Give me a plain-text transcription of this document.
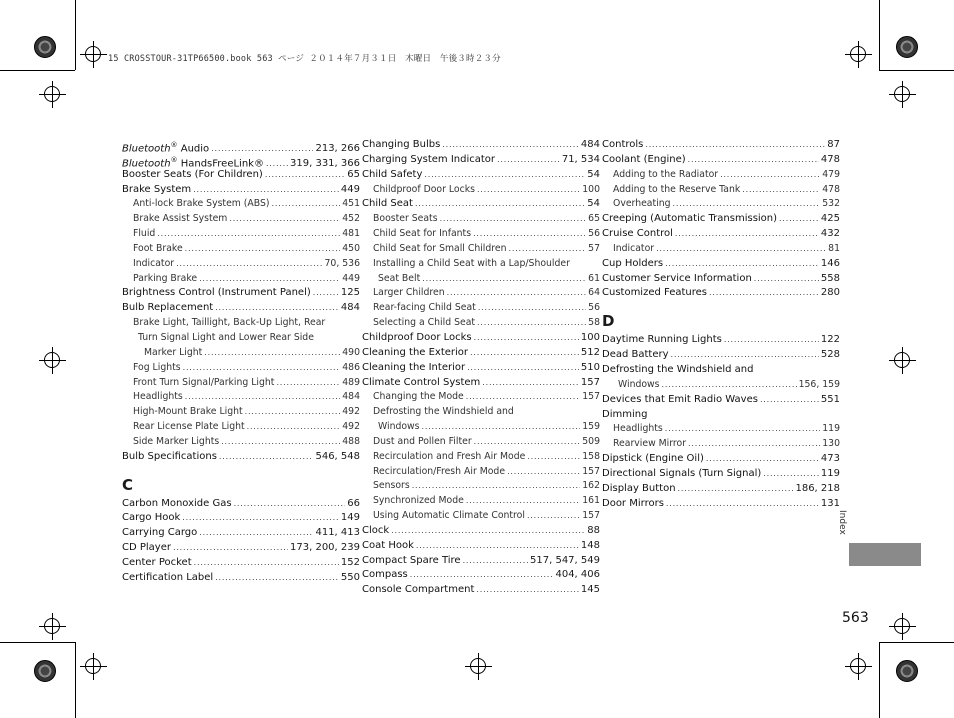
15 CROSSTOUR-31TP66500.book 563 ページ ２０１４年７月３１日　木曜日　午後３時２３分
Bluetooth® Audio .....	213, 266
Bluetooth® HandsFreeLink® .....	319, 331, 366
Booster Seats (For Children) .....	65
Brake System .....	449
Anti-lock Brake System (ABS) .....	451
Brake Assist System .....	452
Fluid .....	481
Foot Brake .....	450
Indicator .....	70, 536
Parking Brake .....	449
Brightness Control (Instrument Panel) .....	125
Bulb Replacement .....	484
Brake Light, Taillight, Back-Up Light, Rear
Turn Signal Light and Lower Rear Side
Marker Light .....	490
Fog Lights .....	486
Front Turn Signal/Parking Light .....	489
Headlights .....	484
High-Mount Brake Light .....	492
Rear License Plate Light .....	492
Side Marker Lights .....	488
Bulb Specifications .....	546, 548
C
Carbon Monoxide Gas .....	66
Cargo Hook .....	149
Carrying Cargo .....	411, 413
CD Player .....	173, 200, 239
Center Pocket .....	152
Certification Label .....	550
Changing Bulbs .....	484
Charging System Indicator .....	71, 534
Child Safety .....	54
Childproof Door Locks .....	100
Child Seat .....	54
Booster Seats .....	65
Child Seat for Infants .....	56
Child Seat for Small Children .....	57
Installing a Child Seat with a Lap/Shoulder
Seat Belt .....	61
Larger Children .....	64
Rear-facing Child Seat .....	56
Selecting a Child Seat .....	58
Childproof Door Locks .....	100
Cleaning the Exterior .....	512
Cleaning the Interior .....	510
Climate Control System .....	157
Changing the Mode .....	157
Defrosting the Windshield and
Windows .....	159
Dust and Pollen Filter .....	509
Recirculation and Fresh Air Mode .....	158
Recirculation/Fresh Air Mode .....	157
Sensors .....	162
Synchronized Mode .....	161
Using Automatic Climate Control .....	157
Clock .....	88
Coat Hook .....	148
Compact Spare Tire .....	517, 547, 549
Compass .....	404, 406
Console Compartment .....	145
Controls .....	87
Coolant (Engine) .....	478
Adding to the Radiator .....	479
Adding to the Reserve Tank .....	478
Overheating .....	532
Creeping (Automatic Transmission) .....	425
Cruise Control .....	432
Indicator .....	81
Cup Holders .....	146
Customer Service Information .....	558
Customized Features .....	280
D
Daytime Running Lights .....	122
Dead Battery .....	528
Defrosting the Windshield and
Windows .....	156, 159
Devices that Emit Radio Waves .....	551
Dimming
Headlights .....	119
Rearview Mirror .....	130
Dipstick (Engine Oil) .....	473
Directional Signals (Turn Signal) .....	119
Display Button .....	186, 218
Door Mirrors .....	131
Index
563
